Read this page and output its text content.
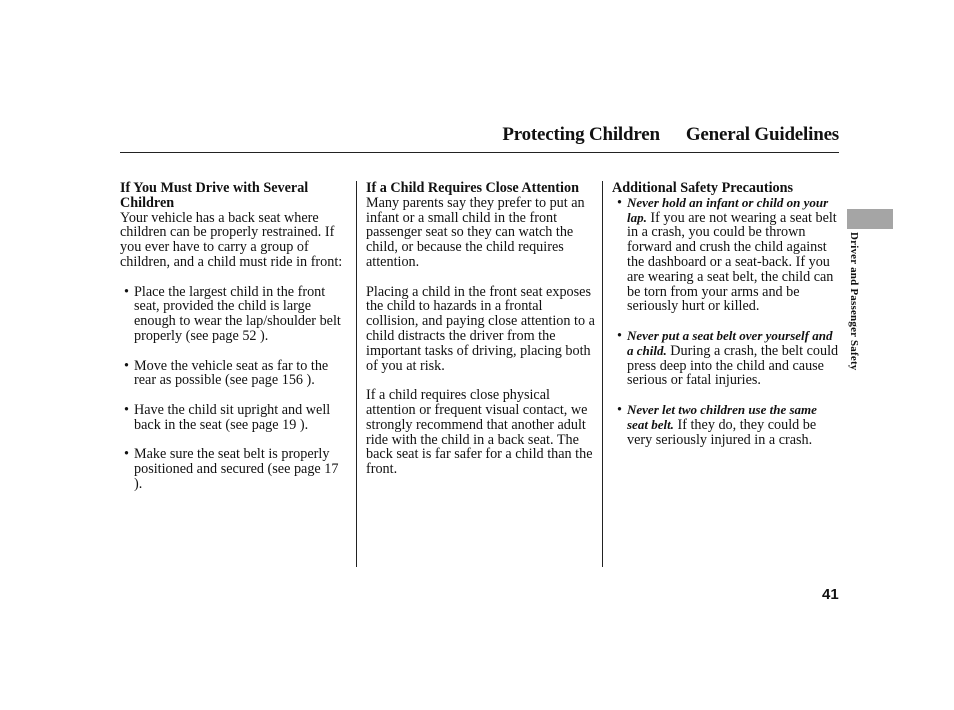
Protecting Children General Guidelines

If You Must Drive with Several Children

Your vehicle has a back seat where children can be properly restrained. If you ever have to carry a group of children, and a child must ride in front:

• Place the largest child in the front seat, provided the child is large enough to wear the lap/shoulder belt properly (see page 52 ).

• Move the vehicle seat as far to the rear as possible (see page 156 ).

• Have the child sit upright and well back in the seat (see page 19 ).

• Make sure the seat belt is properly positioned and secured (see page 17 ).

If a Child Requires Close Attention

Many parents say they prefer to put an infant or a small child in the front passenger seat so they can watch the child, or because the child requires attention.

Placing a child in the front seat exposes the child to hazards in a frontal collision, and paying close attention to a child distracts the driver from the important tasks of driving, placing both of you at risk.

If a child requires close physical attention or frequent visual contact, we strongly recommend that another adult ride with the child in a back seat. The back seat is far safer for a child than the front.

Additional Safety Precautions

• Never hold an infant or child on your lap. If you are not wearing a seat belt in a crash, you could be thrown forward and crush the child against the dashboard or a seat-back. If you are wearing a seat belt, the child can be torn from your arms and be seriously hurt or killed.

• Never put a seat belt over yourself and a child. During a crash, the belt could press deep into the child and cause serious or fatal injuries.

• Never let two children use the same seat belt. If they do, they could be very seriously injured in a crash.

Driver and Passenger Safety
41
